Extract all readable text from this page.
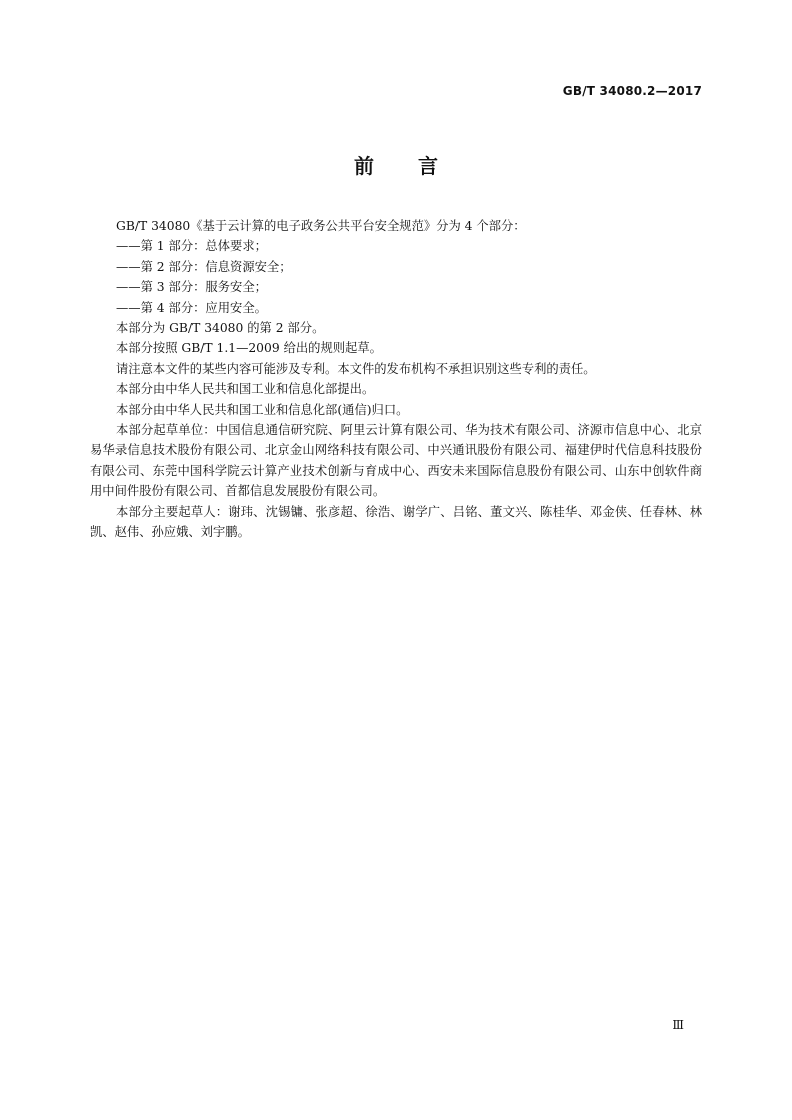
GB/T 34080.2—2017
前言

GB/T 34080《基于云计算的电子政务公共平台安全规范》分为 4 个部分：

——第 1 部分：总体要求；

——第 2 部分：信息资源安全；

——第 3 部分：服务安全；

——第 4 部分：应用安全。

本部分为 GB/T 34080 的第 2 部分。

本部分按照 GB/T 1.1—2009 给出的规则起草。

请注意本文件的某些内容可能涉及专利。本文件的发布机构不承担识别这些专利的责任。

本部分由中华人民共和国工业和信息化部提出。

本部分由中华人民共和国工业和信息化部(通信)归口。

本部分起草单位：中国信息通信研究院、阿里云计算有限公司、华为技术有限公司、济源市信息中心、北京易华录信息技术股份有限公司、北京金山网络科技有限公司、中兴通讯股份有限公司、福建伊时代信息科技股份有限公司、东莞中国科学院云计算产业技术创新与育成中心、西安未来国际信息股份有限公司、山东中创软件商用中间件股份有限公司、首都信息发展股份有限公司。

本部分主要起草人：谢玮、沈锡镛、张彦超、徐浩、谢学广、吕铭、董文兴、陈桂华、邓金侠、任春林、林凯、赵伟、孙应娥、刘宇鹏。

Ⅲ
